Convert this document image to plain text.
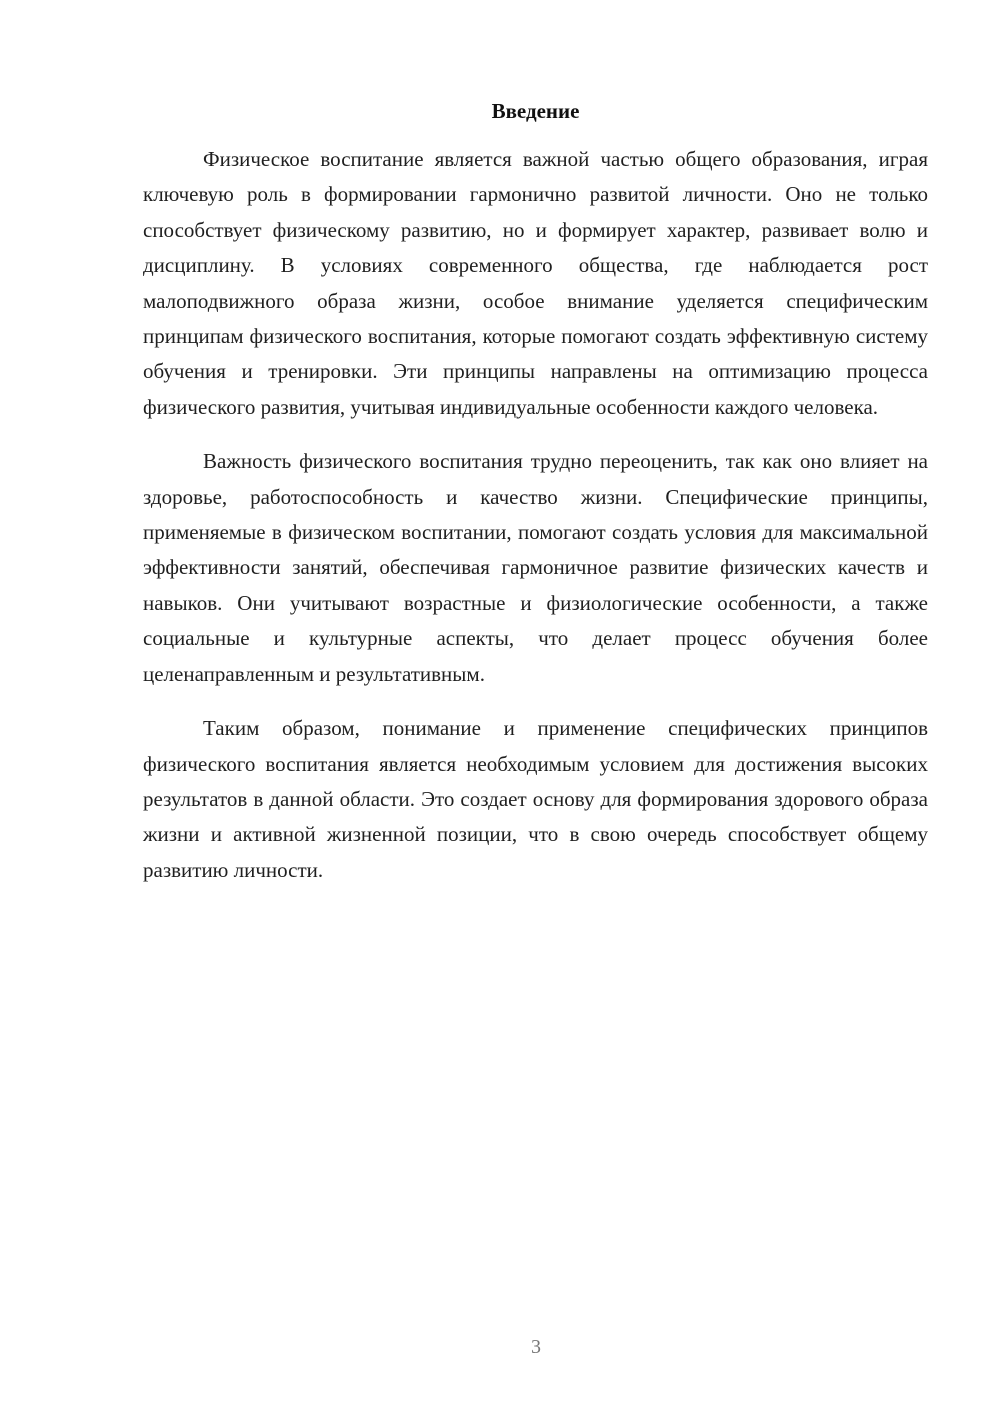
Введение

Физическое воспитание является важной частью общего образования, играя ключевую роль в формировании гармонично развитой личности. Оно не только способствует физическому развитию, но и формирует характер, развивает волю и дисциплину. В условиях современного общества, где наблюдается рост малоподвижного образа жизни, особое внимание уделяется специфическим принципам физического воспитания, которые помогают создать эффективную систему обучения и тренировки. Эти принципы направлены на оптимизацию процесса физического развития, учитывая индивидуальные особенности каждого человека.

Важность физического воспитания трудно переоценить, так как оно влияет на здоровье, работоспособность и качество жизни. Специфические принципы, применяемые в физическом воспитании, помогают создать условия для максимальной эффективности занятий, обеспечивая гармоничное развитие физических качеств и навыков. Они учитывают возрастные и физиологические особенности, а также социальные и культурные аспекты, что делает процесс обучения более целенаправленным и результативным.

Таким образом, понимание и применение специфических принципов физического воспитания является необходимым условием для достижения высоких результатов в данной области. Это создает основу для формирования здорового образа жизни и активной жизненной позиции, что в свою очередь способствует общему развитию личности.

3
